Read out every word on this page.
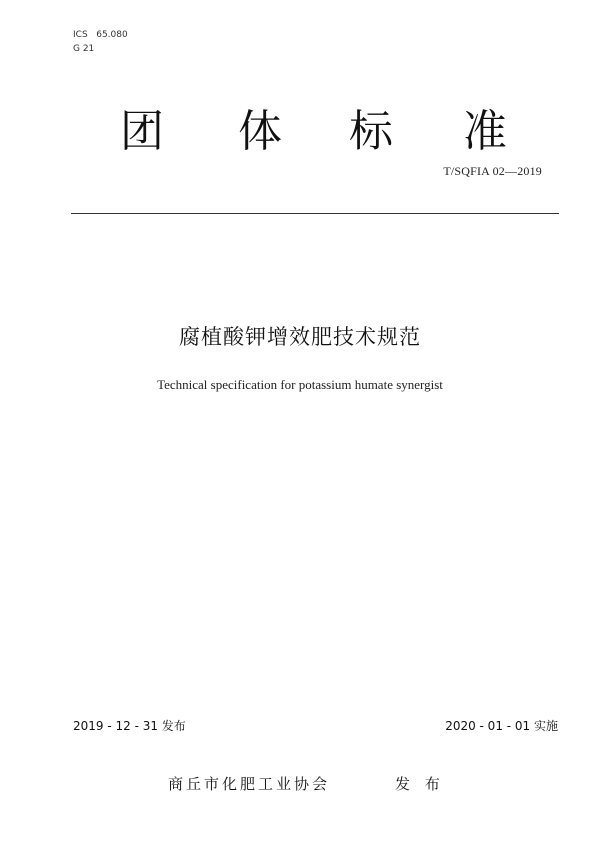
ICS   65.080
G 21
团 体 标 准
T/SQFIA 02—2019
腐植酸钾增效肥技术规范
Technical specification for potassium humate synergist
2019 - 12 - 31 发布	2020 - 01 - 01 实施
商丘市化肥工业协会	发 布
